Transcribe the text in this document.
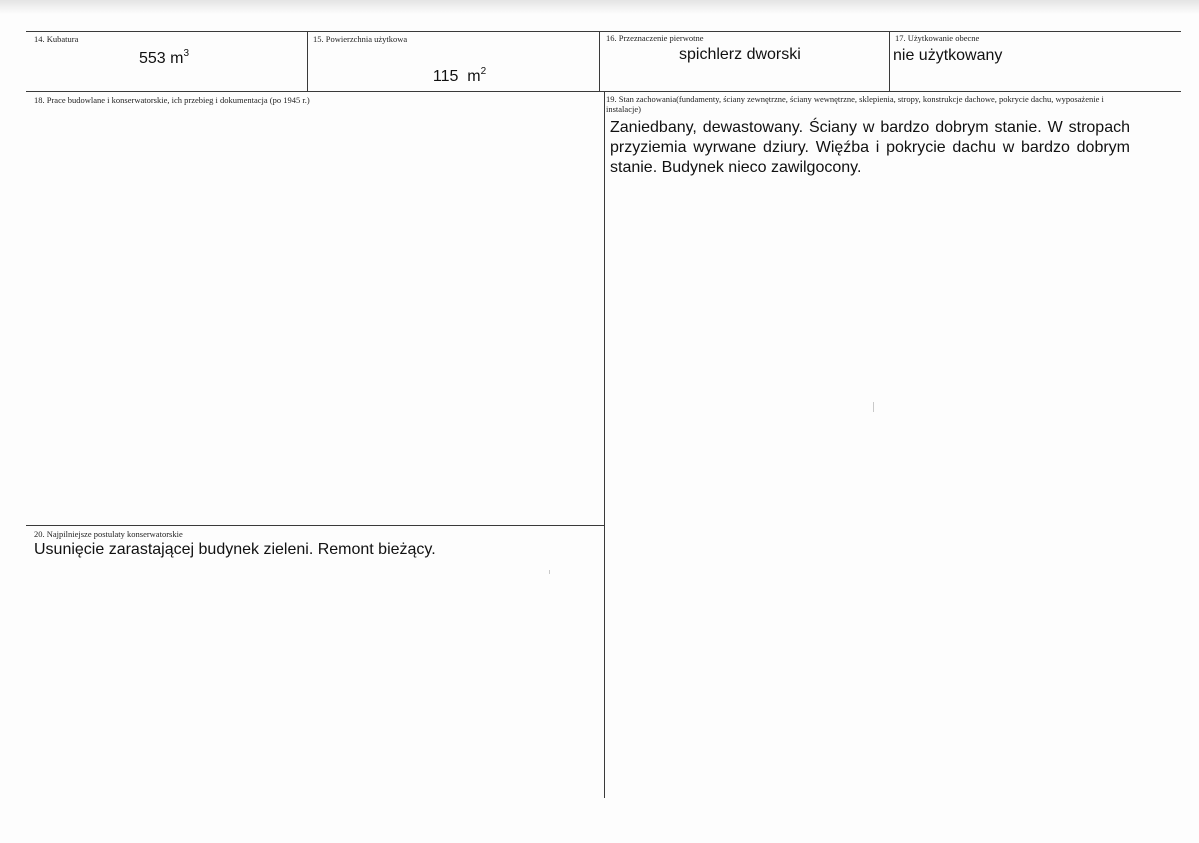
14. Kubatura
553 $m^3$
15. Powierzchnia użytkowa

115  $m^2$

16. Przeznaczenie pierwotne
spichlerz dworski
17. Użytkowanie obecne
nie użytkowany
18. Prace budowlane i konserwatorskie, ich przebieg i dokumentacja (po 1945 r.)	19. Stan zachowania(fundamenty, ściany zewnętrzne, ściany wewnętrzne, sklepienia, stropy, konstrukcje dachowe, pokrycie dachu, wyposażenie i instalacje)
Zaniedbany, dewastowany. Ściany w bardzo dobrym stanie. W stropach przyziemia wyrwane dziury. Więźba i pokrycie dachu w bardzo dobrym stanie. Budynek nieco zawilgocony.
20. Najpilniejsze postulaty konserwatorskie
Usunięcie zarastającej budynek zieleni. Remont bieżący.
